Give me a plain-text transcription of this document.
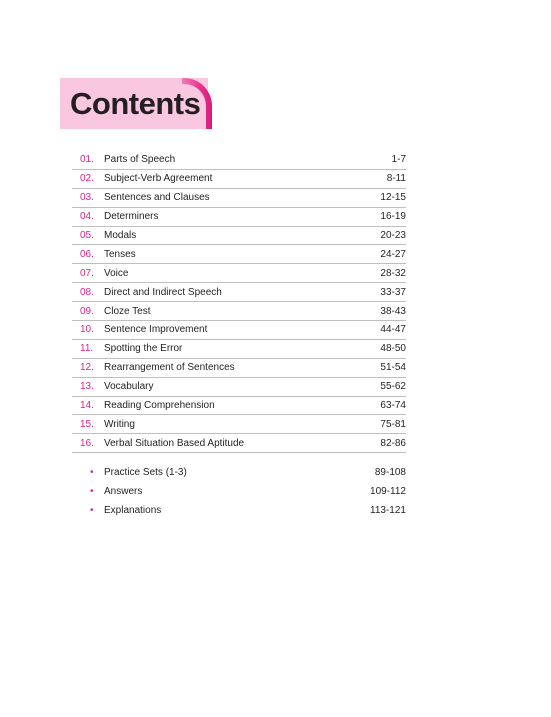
Contents
01.	Parts of Speech	1-7
02.	Subject-Verb Agreement	8-11
03.	Sentences and Clauses	12-15
04.	Determiners	16-19
05.	Modals	20-23
06.	Tenses	24-27
07.	Voice	28-32
08.	Direct and Indirect Speech	33-37
09.	Cloze Test	38-43
10.	Sentence Improvement	44-47
11.	Spotting the Error	48-50
12.	Rearrangement of Sentences	51-54
13.	Vocabulary	55-62
14.	Reading Comprehension	63-74
15.	Writing	75-81
16.	Verbal Situation Based Aptitude	82-86
•	Practice Sets (1-3)	89-108
•	Answers	109-112
•	Explanations	113-121
